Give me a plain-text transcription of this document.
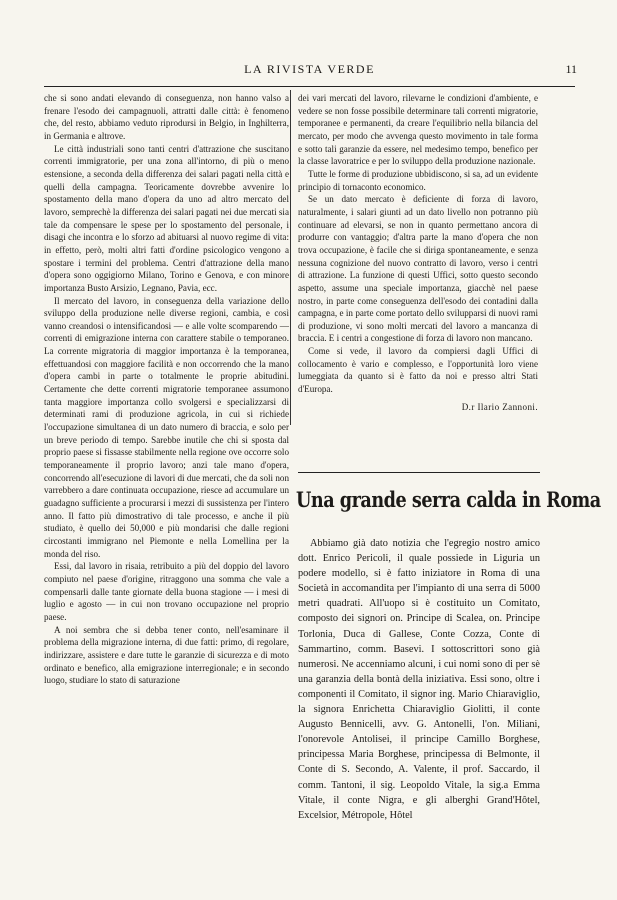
LA RIVISTA VERDE	11

che si sono andati elevando di conseguenza, non hanno valso a frenare l'esodo dei campagnuoli, attratti dalle città: è fenomeno che, del resto, abbiamo veduto riprodursi in Belgio, in Inghilterra, in Germania e altrove.

Le città industriali sono tanti centri d'attrazione che suscitano correnti immigratorie, per una zona all'intorno, di più o meno estensione, a seconda della differenza dei salari pagati nella città e quelli della campagna. Teoricamente dovrebbe avvenire lo spostamento della mano d'opera da uno ad altro mercato del lavoro, semprechè la differenza dei salari pagati nei due mercati sia tale da compensare le spese per lo spostamento del personale, i disagi che incontra e lo sforzo ad abituarsi al nuovo regime di vita: in effetto, però, molti altri fatti d'ordine psicologico vengono a spostare i termini del problema. Centri d'attrazione della mano d'opera sono oggigiorno Milano, Torino e Genova, e con minore importanza Busto Arsizio, Legnano, Pavia, ecc.

Il mercato del lavoro, in conseguenza della variazione dello sviluppo della produzione nelle diverse regioni, cambia, e così vanno creandosi o intensificandosi — e alle volte scomparendo — correnti di emigrazione interna con carattere stabile o temporaneo. La corrente migratoria di maggior importanza è la temporanea, effettuandosi con maggiore facilità e non occorrendo che la mano d'opera cambi in parte o totalmente le proprie abitudini. Certamente che dette correnti migratorie temporanee assumono tanta maggiore importanza collo svolgersi e specializzarsi di determinati rami di produzione agricola, in cui si richiede l'occupazione simultanea di un dato numero di braccia, e solo per un breve periodo di tempo. Sarebbe inutile che chi si sposta dal proprio paese si fissasse stabilmente nella regione ove occorre solo temporaneamente il proprio lavoro; anzi tale mano d'opera, concorrendo all'esecuzione di lavori di due mercati, che da soli non varrebbero a dare continuata occupazione, riesce ad accumulare un guadagno sufficiente a procurarsi i mezzi di sussistenza per l'intero anno. Il fatto più dimostrativo di tale processo, e anche il più studiato, è quello dei 50,000 e più mondarisi che dalle regioni circostanti immigrano nel Piemonte e nella Lomellina per la monda del riso.

Essi, dal lavoro in risaia, retribuito a più del doppio del lavoro compiuto nel paese d'origine, ritraggono una somma che vale a compensarli dalle tante giornate della buona stagione — i mesi di luglio e agosto — in cui non trovano occupazione nel proprio paese.

A noi sembra che si debba tener conto, nell'esaminare il problema della migrazione interna, di due fatti: primo, di regolare, indirizzare, assistere e dare tutte le garanzie di sicurezza e di moto ordinato e benefico, alla emigrazione interregionale; e in secondo luogo, studiare lo stato di saturazione

dei vari mercati del lavoro, rilevarne le condizioni d'ambiente, e vedere se non fosse possibile determinare tali correnti migratorie, temporanee e permanenti, da creare l'equilibrio nella bilancia del mercato, per modo che avvenga questo movimento in tale forma e sotto tali garanzie da essere, nel medesimo tempo, benefico per la classe lavoratrice e per lo sviluppo della produzione nazionale.

Tutte le forme di produzione ubbidiscono, si sa, ad un evidente principio di tornaconto economico.

Se un dato mercato è deficiente di forza di lavoro, naturalmente, i salari giunti ad un dato livello non potranno più continuare ad elevarsi, se non in quanto permettano ancora di produrre con vantaggio; d'altra parte la mano d'opera che non trova occupazione, è facile che si diriga spontaneamente, e senza nessuna cognizione del nuovo contratto di lavoro, verso i centri di attrazione. La funzione di questi Uffici, sotto questo secondo aspetto, assume una speciale importanza, giacchè nel paese nostro, in parte come conseguenza dell'esodo dei contadini dalla campagna, e in parte come portato dello svilupparsi di nuovi rami di produzione, vi sono molti mercati del lavoro a mancanza di braccia. E i centri a congestione di forza di lavoro non mancano.

Come si vede, il lavoro da compiersi dagli Uffici di collocamento è vario e complesso, e l'opportunità loro viene lumeggiata da quanto si è fatto da noi e presso altri Stati d'Europa.

D.r Ilario Zannoni.

Una grande serra calda in Roma

Abbiamo già dato notizia che l'egregio nostro amico dott. Enrico Pericoli, il quale possiede in Liguria un podere modello, si è fatto iniziatore in Roma di una Società in accomandita per l'impianto di una serra di 5000 metri quadrati. All'uopo si è costituito un Comitato, composto dei signori on. Principe di Scalea, on. Principe Torlonia, Duca di Gallese, Conte Cozza, Conte di Sammartino, comm. Basevi. I sottoscrittori sono già numerosi. Ne accenniamo alcuni, i cui nomi sono di per sè una garanzia della bontà della iniziativa. Essi sono, oltre i componenti il Comitato, il signor ing. Mario Chiaraviglio, la signora Enrichetta Chiaraviglio Giolitti, il conte Augusto Bennicelli, avv. G. Antonelli, l'on. Miliani, l'onorevole Antolisei, il principe Camillo Borghese, principessa Maria Borghese, principessa di Belmonte, il Conte di S. Secondo, A. Valente, il prof. Saccardo, il comm. Tantoni, il sig. Leopoldo Vitale, la sig.a Emma Vitale, il conte Nigra, e gli alberghi Grand'Hôtel, Excelsior, Métropole, Hôtel
